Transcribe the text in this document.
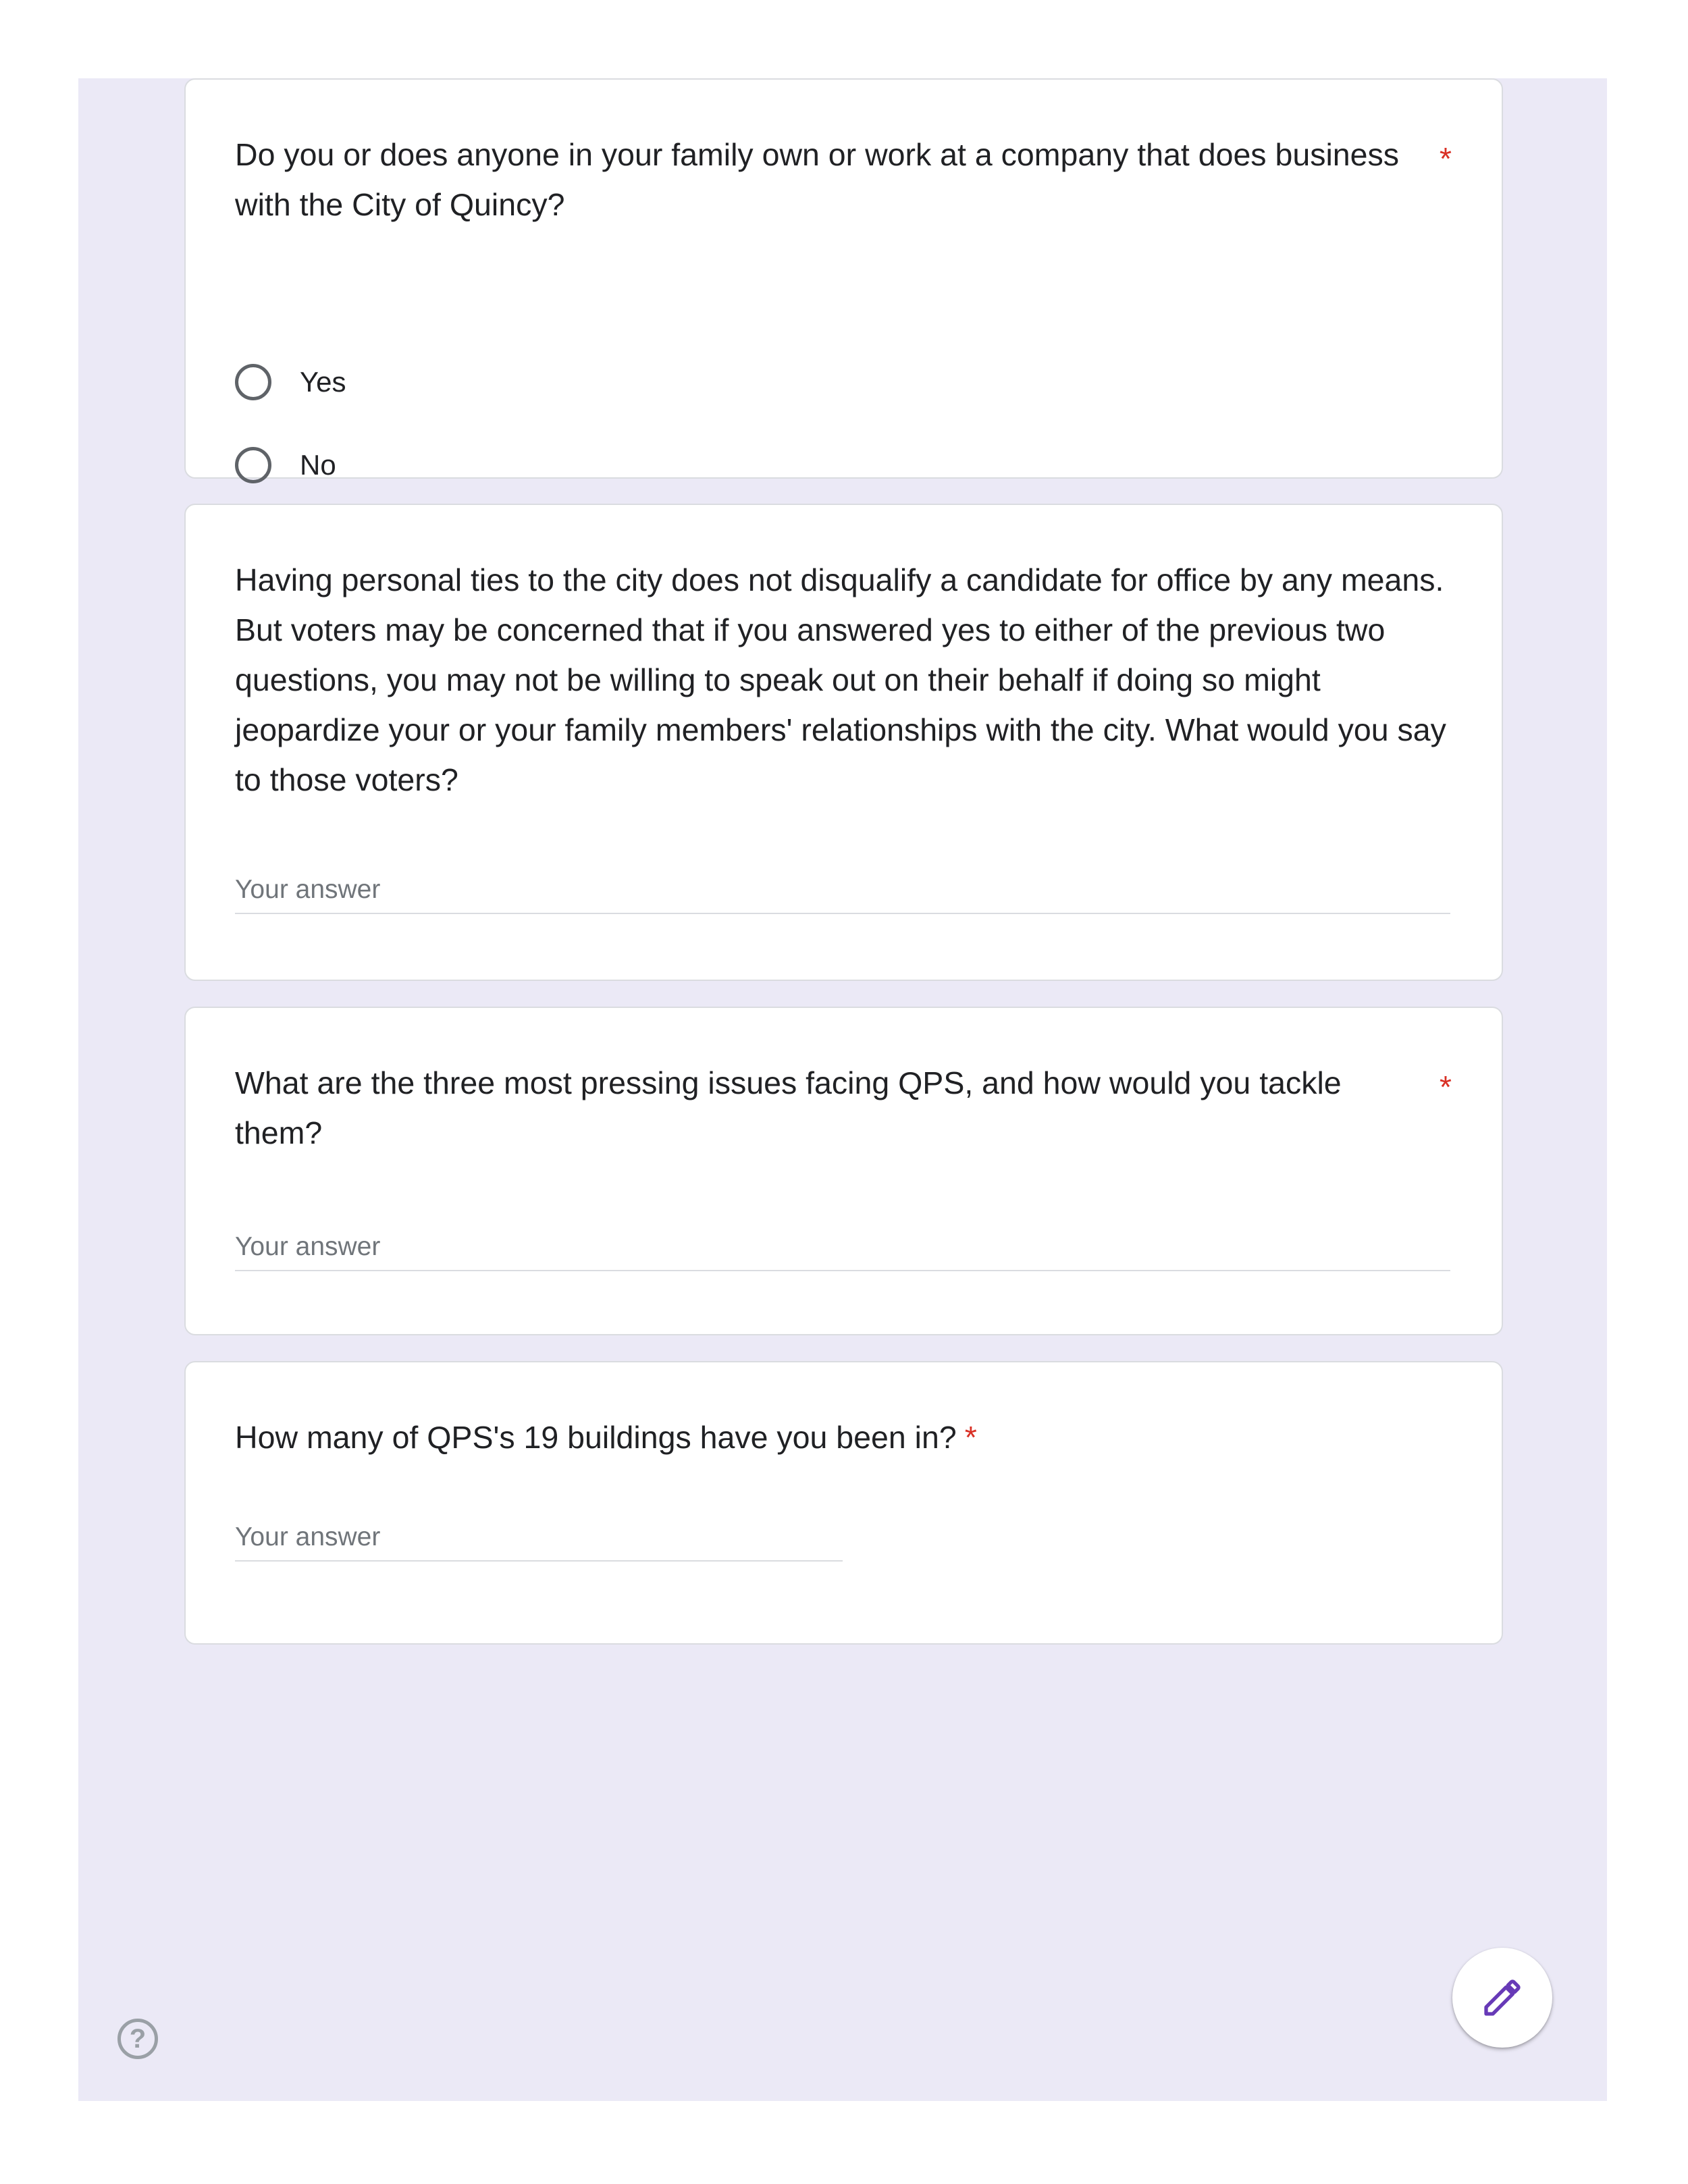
Do you or does anyone in your family own or work at a company that does business with the City of Quincy?
*
Yes
No
Having personal ties to the city does not disqualify a candidate for office by any means. But voters may be concerned that if you answered yes to either of the previous two questions, you may not be willing to speak out on their behalf if doing so might jeopardize your or your family members' relationships with the city. What would you say to those voters?
Your answer
What are the three most pressing issues facing QPS, and how would you tackle them?
*
Your answer
How many of QPS's 19 buildings have you been in? *
Your answer
?
